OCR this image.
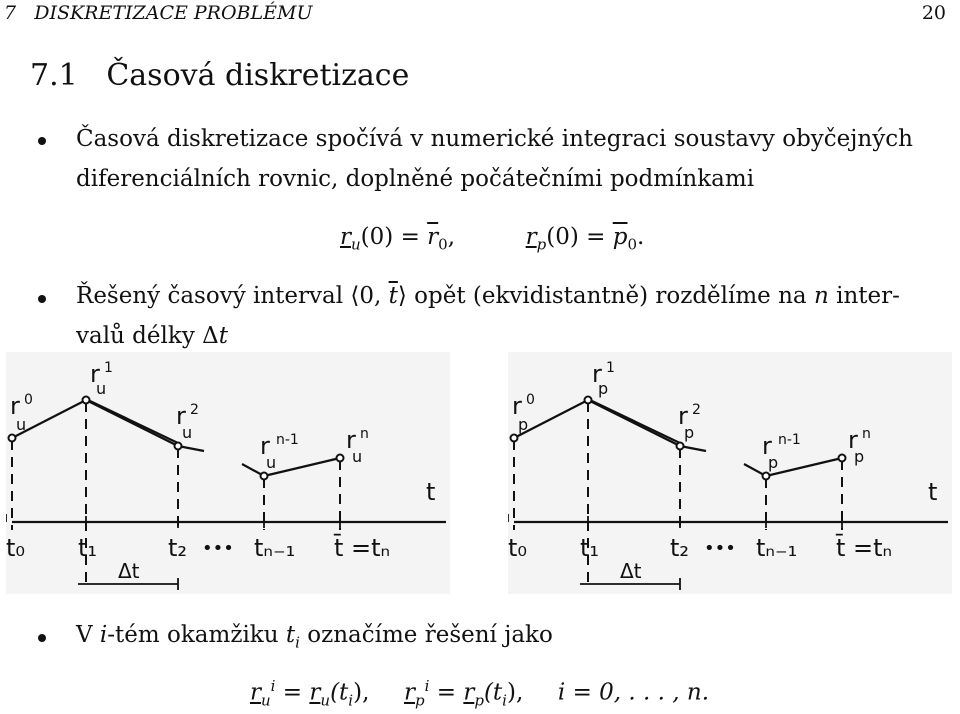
7 DISKRETIZACE PROBLÉMU	20
7.1 Časová diskretizace
Časová diskretizace spočívá v numerické integraci soustavy obyčejných
diferenciálních rovnic, doplněné počátečními podmínkami
$r_u(0) = \overline{r}_0$,	$r_p(0) = \overline{p}_0$.
Řešený časový interval ⟨0, $\overline{t}⟩$ opět (ekvidistantně) rozdělíme na n inter-
valů délky Δt
r
u
0
r
u
1
r
u
2
r
u
n-1 r
u
n
t
t₀ t₁	t₂ ••• tₙ₋₁ t̄ =tₙ
Δt
r
p
0
r
p
1
r
p
2
r
p
n-1 r
p
n
t
t₀ t₁	t₂ ••• tₙ₋₁ t̄ =tₙ
Δt
V i-tém okamžiku $t_i$ označíme řešení jako
$r_u^i = r_u(t_i)$, $r_p^i = r_p(t_i)$, i = 0, . . . , n.
